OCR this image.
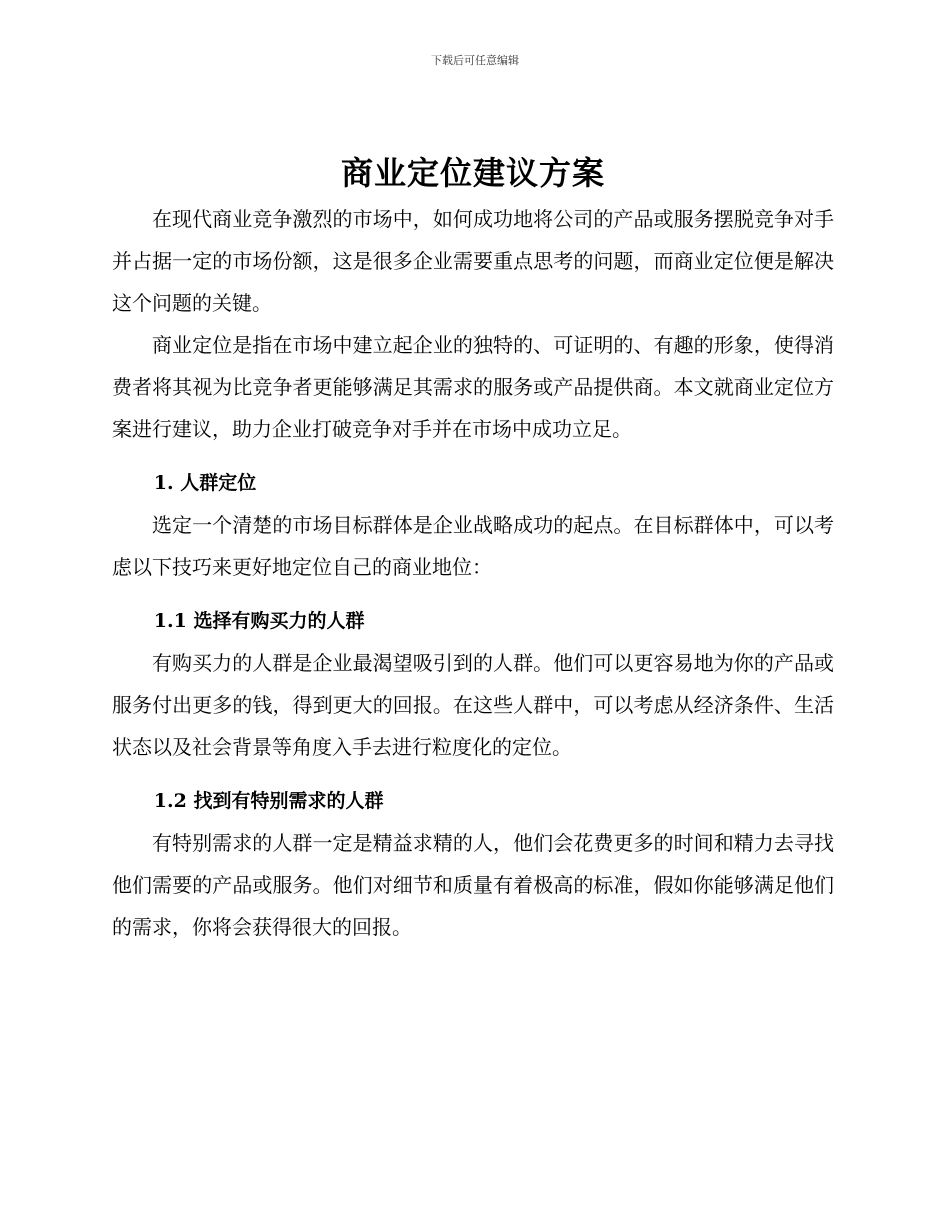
下载后可任意编辑
商业定位建议方案

在现代商业竞争激烈的市场中，如何成功地将公司的产品或服务摆脱竞争对手并占据一定的市场份额，这是很多企业需要重点思考的问题，而商业定位便是解决这个问题的关键。

商业定位是指在市场中建立起企业的独特的、可证明的、有趣的形象，使得消费者将其视为比竞争者更能够满足其需求的服务或产品提供商。本文就商业定位方案进行建议，助力企业打破竞争对手并在市场中成功立足。

1. 人群定位

选定一个清楚的市场目标群体是企业战略成功的起点。在目标群体中，可以考虑以下技巧来更好地定位自己的商业地位：

1.1 选择有购买力的人群

有购买力的人群是企业最渴望吸引到的人群。他们可以更容易地为你的产品或服务付出更多的钱，得到更大的回报。在这些人群中，可以考虑从经济条件、生活状态以及社会背景等角度入手去进行粒度化的定位。

1.2 找到有特别需求的人群

有特别需求的人群一定是精益求精的人，他们会花费更多的时间和精力去寻找他们需要的产品或服务。他们对细节和质量有着极高的标准，假如你能够满足他们的需求，你将会获得很大的回报。
